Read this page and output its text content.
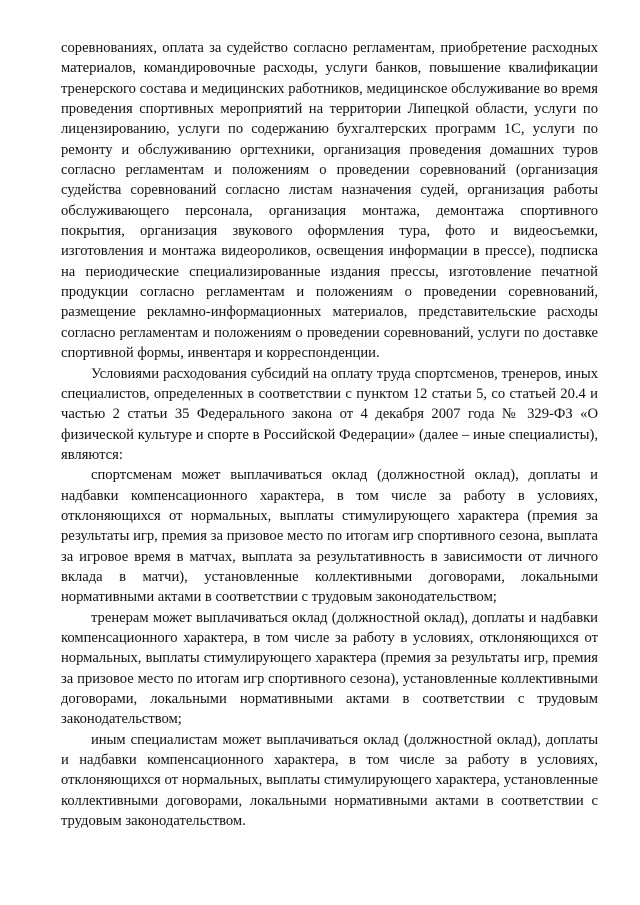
соревнованиях, оплата за судейство согласно регламентам, приобретение расходных материалов, командировочные расходы, услуги банков, повышение квалификации тренерского состава и медицинских работников, медицинское обслуживание во время проведения спортивных мероприятий на территории Липецкой области, услуги по лицензированию, услуги по содержанию бухгалтерских программ 1С, услуги по ремонту и обслуживанию оргтехники, организация проведения домашних туров согласно регламентам и положениям о проведении соревнований (организация судейства соревнований согласно листам назначения судей, организация работы обслуживающего персонала, организация монтажа, демонтажа спортивного покрытия, организация звукового оформления тура, фото и видеосъемки, изготовления и монтажа видеороликов, освещения информации в прессе), подписка на периодические специализированные издания прессы, изготовление печатной продукции согласно регламентам и положениям о проведении соревнований, размещение рекламно-информационных материалов, представительские расходы согласно регламентам и положениям о проведении соревнований, услуги по доставке спортивной формы, инвентаря и корреспонденции.

Условиями расходования субсидий на оплату труда спортсменов, тренеров, иных специалистов, определенных в соответствии с пунктом 12 статьи 5, со статьей 20.4 и частью 2 статьи 35 Федерального закона от 4 декабря 2007 года № 329-ФЗ «О физической культуре и спорте в Российской Федерации» (далее – иные специалисты), являются:

спортсменам может выплачиваться оклад (должностной оклад), доплаты и надбавки компенсационного характера, в том числе за работу в условиях, отклоняющихся от нормальных, выплаты стимулирующего характера (премия за результаты игр, премия за призовое место по итогам игр спортивного сезона, выплата за игровое время в матчах, выплата за результативность в зависимости от личного вклада в матчи), установленные коллективными договорами, локальными нормативными актами в соответствии с трудовым законодательством;

тренерам может выплачиваться оклад (должностной оклад), доплаты и надбавки компенсационного характера, в том числе за работу в условиях, отклоняющихся от нормальных, выплаты стимулирующего характера (премия за результаты игр, премия за призовое место по итогам игр спортивного сезона), установленные коллективными договорами, локальными нормативными актами в соответствии с трудовым законодательством;

иным специалистам может выплачиваться оклад (должностной оклад), доплаты и надбавки компенсационного характера, в том числе за работу в условиях, отклоняющихся от нормальных, выплаты стимулирующего характера, установленные коллективными договорами, локальными нормативными актами в соответствии с трудовым законодательством.
